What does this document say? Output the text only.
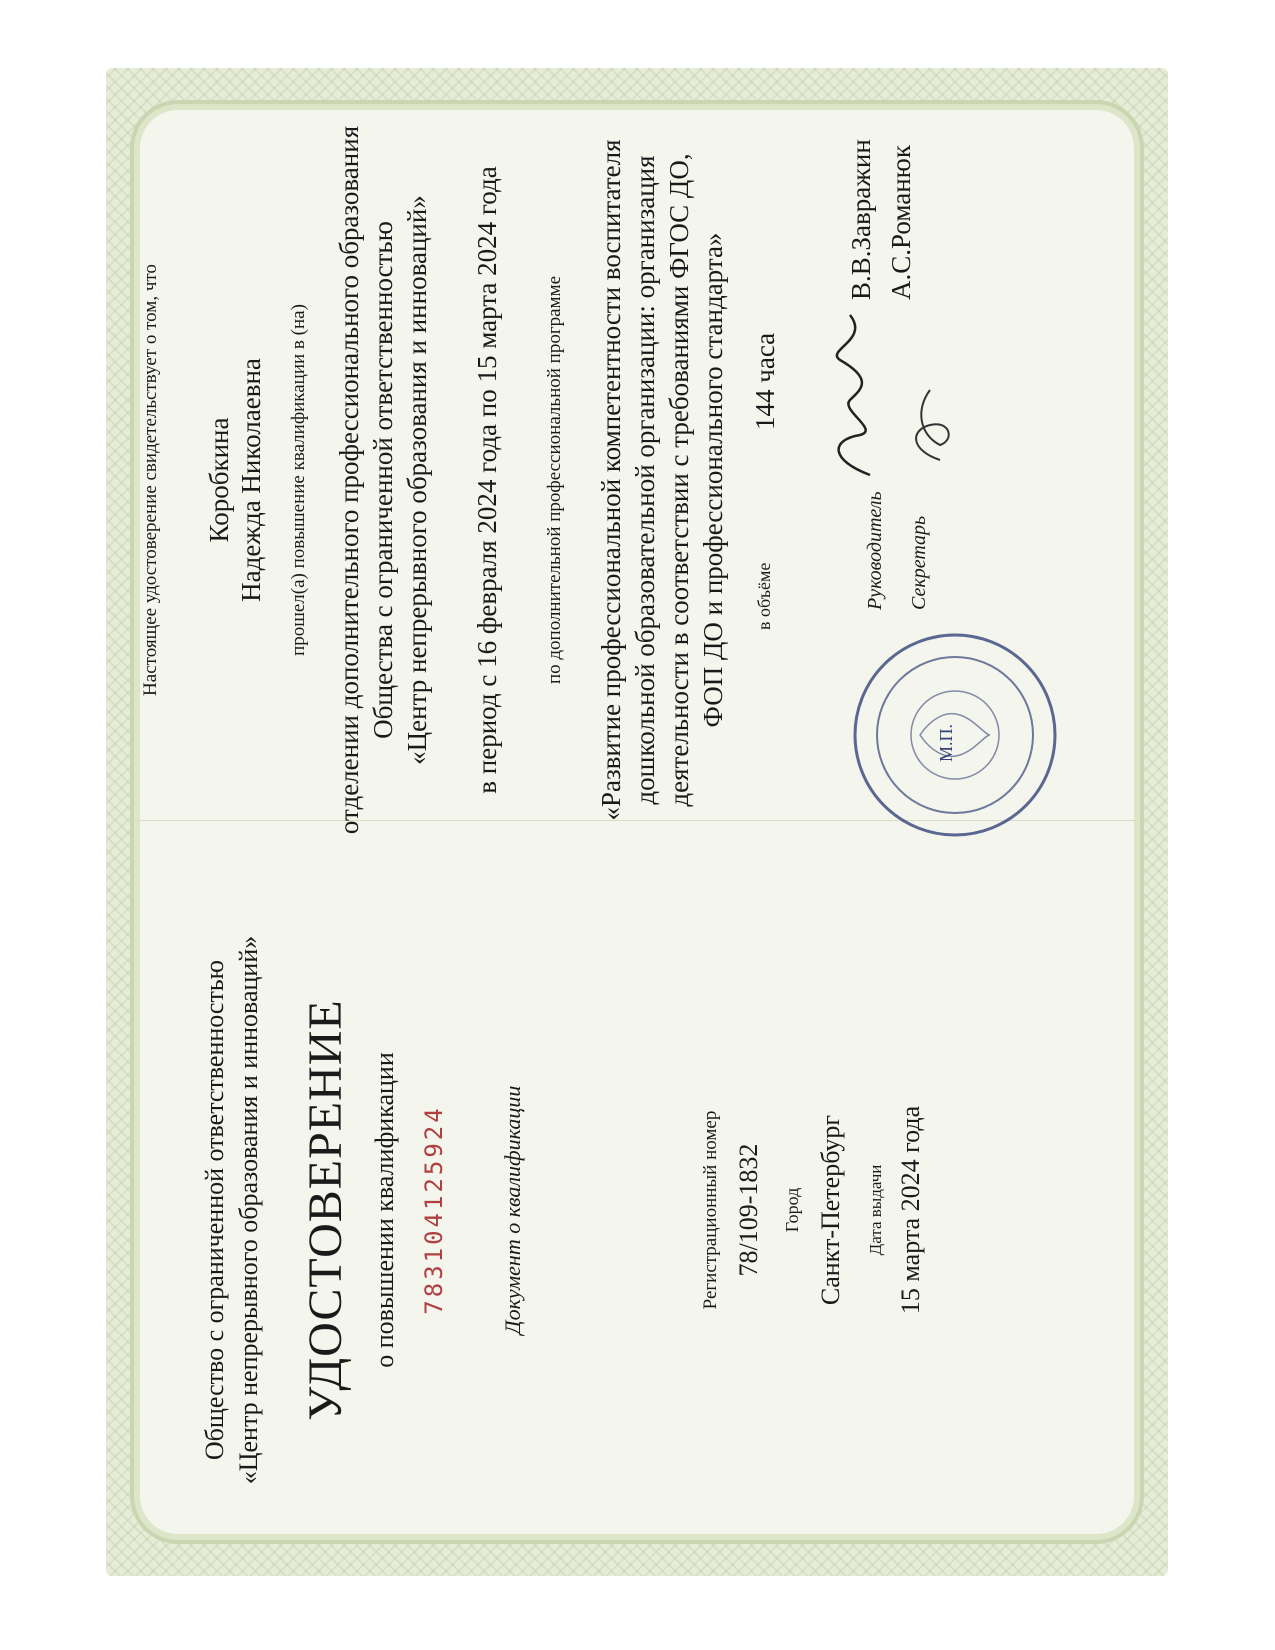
Общество с ограниченной ответственностью «Центр непрерывного образования и инноваций» УДОСТОВЕРЕНИЕ о повышении квалификации 783104125924 Документ о квалификации	Регистрационный номер 78/109-1832 Город Санкт-Петербург Дата выдачи 15 марта 2024 года
Настоящее удостоверение свидетельствует о том, что Коробкина Надежда Николаевна прошел(а) повышение квалификации в (на) отделении дополнительного профессионального образования Общества с ограниченной ответственностью «Центр непрерывного образования и инноваций» в период с 16 февраля 2024 года по 15 марта 2024 года по дополнительной профессиональной программе «Развитие профессиональной компетентности воспитателя дошкольной образовательной организации: организация деятельности в соответствии с требованиями ФГОС ДО, ФОП ДО и профессионального стандарта» в объёме
144 часа
М.П.
Руководитель Секретарь
В.В.Завражин А.С.Романюк
